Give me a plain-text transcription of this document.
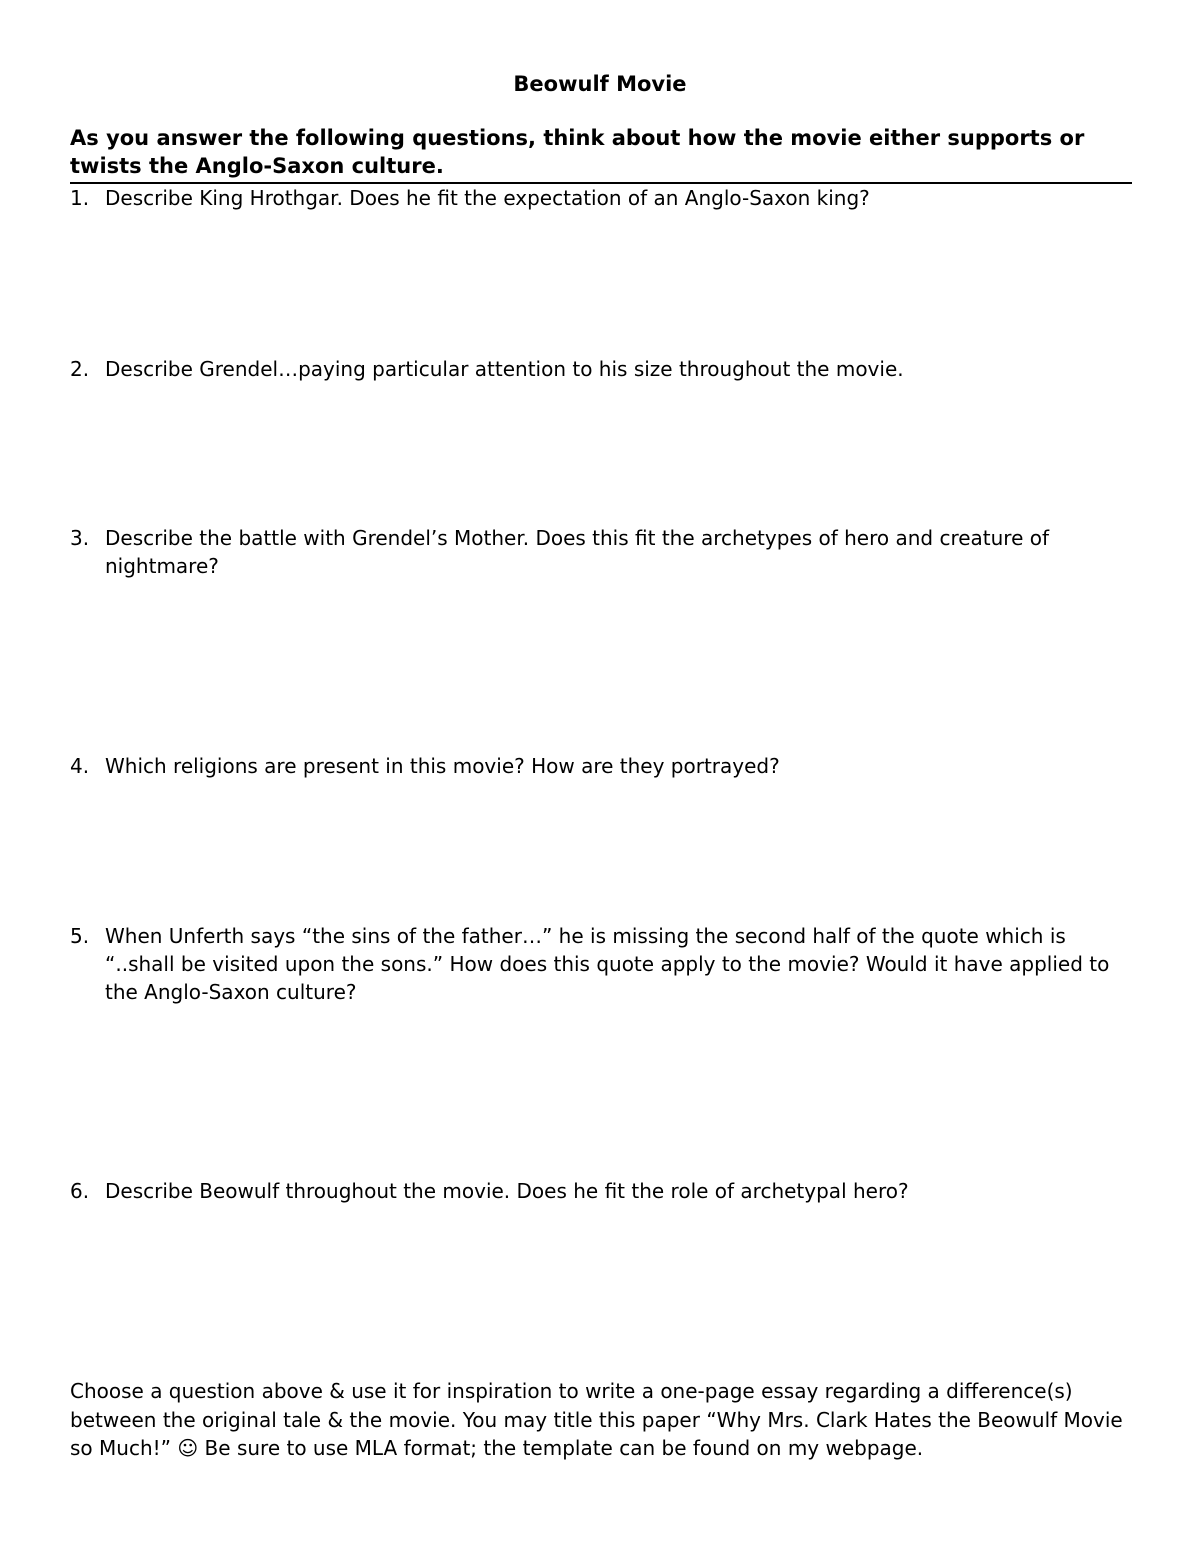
Beowulf Movie
As you answer the following questions, think about how the movie either supports or twists the Anglo-Saxon culture.
1. Describe King Hrothgar. Does he fit the expectation of an Anglo-Saxon king?
2. Describe Grendel…paying particular attention to his size throughout the movie.
3. Describe the battle with Grendel’s Mother. Does this fit the archetypes of hero and creature of nightmare?
4. Which religions are present in this movie? How are they portrayed?
5. When Unferth says “the sins of the father…” he is missing the second half of the quote which is “..shall be visited upon the sons.” How does this quote apply to the movie? Would it have applied to the Anglo-Saxon culture?
6. Describe Beowulf throughout the movie. Does he fit the role of archetypal hero?
Choose a question above & use it for inspiration to write a one-page essay regarding a difference(s) between the original tale & the movie. You may title this paper “Why Mrs. Clark Hates the Beowulf Movie so Much!” ☺ Be sure to use MLA format; the template can be found on my webpage.
